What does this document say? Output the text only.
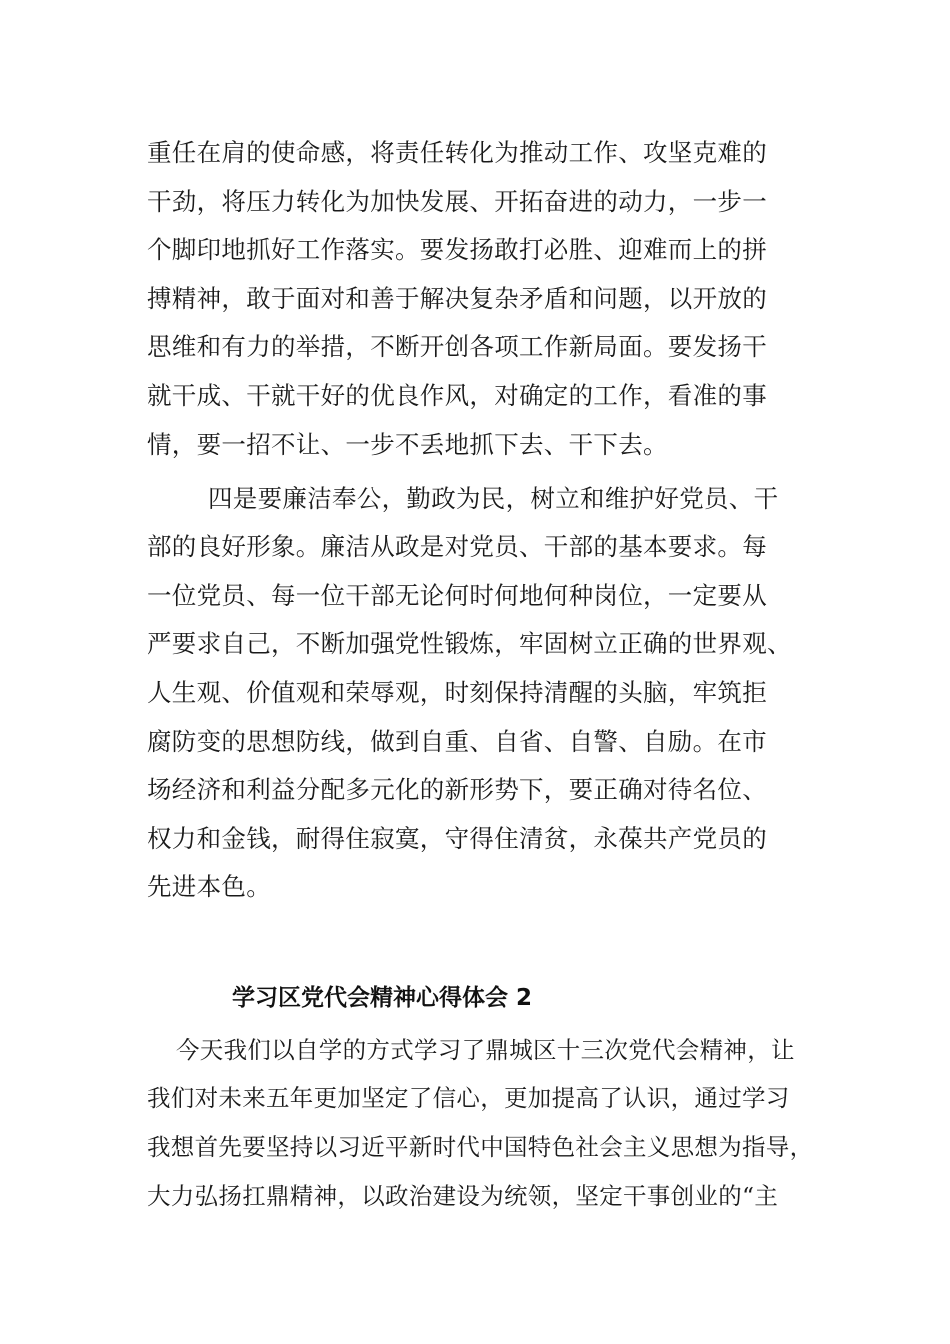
重任在肩的使命感，将责任转化为推动工作、攻坚克难的
干劲，将压力转化为加快发展、开拓奋进的动力，一步一
个脚印地抓好工作落实。要发扬敢打必胜、迎难而上的拼
搏精神，敢于面对和善于解决复杂矛盾和问题，以开放的
思维和有力的举措，不断开创各项工作新局面。要发扬干
就干成、干就干好的优良作风，对确定的工作，看准的事
情，要一招不让、一步不丢地抓下去、干下去。
四是要廉洁奉公，勤政为民，树立和维护好党员、干
部的良好形象。廉洁从政是对党员、干部的基本要求。每
一位党员、每一位干部无论何时何地何种岗位，一定要从
严要求自己，不断加强党性锻炼，牢固树立正确的世界观、
人生观、价值观和荣辱观，时刻保持清醒的头脑，牢筑拒
腐防变的思想防线，做到自重、自省、自警、自励。在市
场经济和利益分配多元化的新形势下，要正确对待名位、
权力和金钱，耐得住寂寞，守得住清贫，永葆共产党员的
先进本色。
学习区党代会精神心得体会 2
今天我们以自学的方式学习了鼎城区十三次党代会精神，让
我们对未来五年更加坚定了信心，更加提高了认识，通过学习
我想首先要坚持以习近平新时代中国特色社会主义思想为指导，
大力弘扬扛鼎精神，以政治建设为统领，坚定干事创业的“主
